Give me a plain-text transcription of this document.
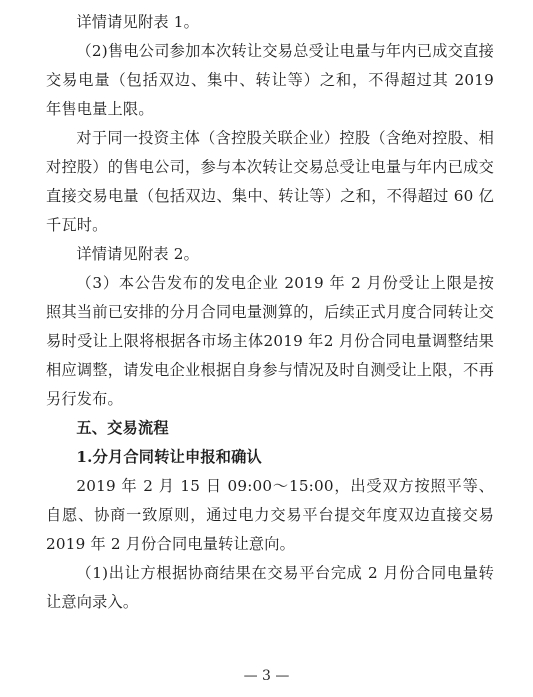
详情请见附表 1。

（2)售电公司参加本次转让交易总受让电量与年内已成交直接交易电量（包括双边、集中、转让等）之和，不得超过其 2019 年售电量上限。

对于同一投资主体（含控股关联企业）控股（含绝对控股、相对控股）的售电公司，参与本次转让交易总受让电量与年内已成交直接交易电量（包括双边、集中、转让等）之和，不得超过 60 亿千瓦时。

详情请见附表 2。

（3）本公告发布的发电企业 2019 年 2 月份受让上限是按照其当前已安排的分月合同电量测算的，后续正式月度合同转让交易时受让上限将根据各市场主体2019 年2 月份合同电量调整结果相应调整，请发电企业根据自身参与情况及时自测受让上限，不再另行发布。

五、交易流程

1.分月合同转让申报和确认

2019 年 2 月 15 日 09:00～15:00，出受双方按照平等、自愿、协商一致原则，通过电力交易平台提交年度双边直接交易 2019 年 2 月份合同电量转让意向。

（1)出让方根据协商结果在交易平台完成 2 月份合同电量转让意向录入。

— 3 —
